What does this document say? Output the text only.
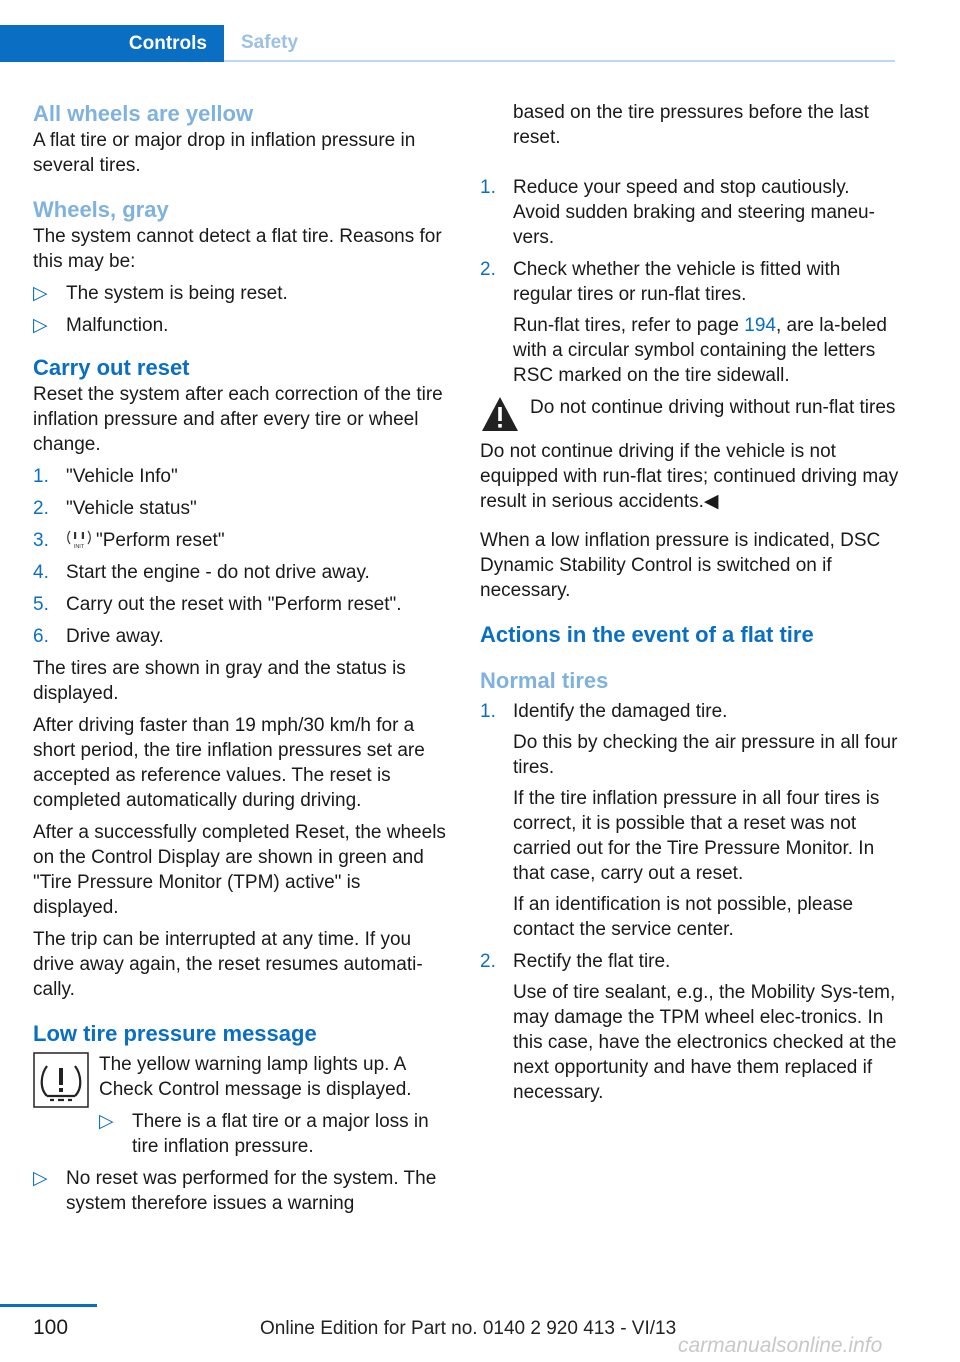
Controls	Safety
All wheels are yellow
A flat tire or major drop in inflation pressure in several tires.
Wheels, gray
The system cannot detect a flat tire. Reasons for this may be:
▷ The system is being reset.
▷ Malfunction.
Carry out reset
Reset the system after each correction of the tire inflation pressure and after every tire or wheel change.
1. "Vehicle Info"
2. "Vehicle status"
3.	INIT "Perform reset"
4. Start the engine - do not drive away.
5. Carry out the reset with "Perform reset".
6. Drive away.
The tires are shown in gray and the status is displayed.
After driving faster than 19 mph/30 km/h for a short period, the tire inflation pressures set are accepted as reference values. The reset is completed automatically during driving.
After a successfully completed Reset, the wheels on the Control Display are shown in green and "Tire Pressure Monitor (TPM) active" is displayed.
The trip can be interrupted at any time. If you drive away again, the reset resumes automati-cally.
Low tire pressure message
The yellow warning lamp lights up. A Check Control message is displayed.
▷ There is a flat tire or a major loss in tire inflation pressure.
▷ No reset was performed for the system. The system therefore issues a warning
based on the tire pressures before the last reset.
1. Reduce your speed and stop cautiously. Avoid sudden braking and steering maneu-vers.
2. Check whether the vehicle is fitted with regular tires or run-flat tires.
Run-flat tires, refer to page 194, are la-beled with a circular symbol containing the letters RSC marked on the tire sidewall.
Do not continue driving without run-flat tires
Do not continue driving if the vehicle is not equipped with run-flat tires; continued driving may result in serious accidents.◀
When a low inflation pressure is indicated, DSC Dynamic Stability Control is switched on if necessary.
Actions in the event of a flat tire
Normal tires
1. Identify the damaged tire.
Do this by checking the air pressure in all four tires.
If the tire inflation pressure in all four tires is correct, it is possible that a reset was not carried out for the Tire Pressure Monitor. In that case, carry out a reset.
If an identification is not possible, please contact the service center.
2. Rectify the flat tire.
Use of tire sealant, e.g., the Mobility Sys-tem, may damage the TPM wheel elec-tronics. In this case, have the electronics checked at the next opportunity and have them replaced if necessary.
100	Online Edition for Part no. 0140 2 920 413 - VI/13
carmanualsonline.info
